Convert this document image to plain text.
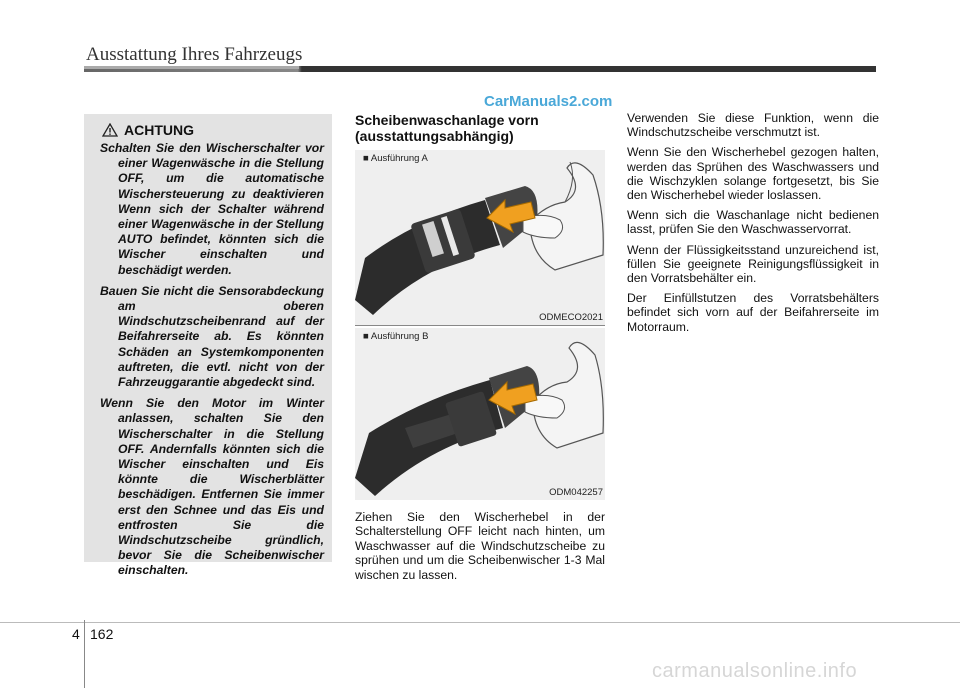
Ausstattung Ihres Fahrzeugs
CarManuals2.com
ACHTUNG

Schalten Sie den Wischerschalter vor einer Wagenwäsche in die Stellung OFF, um die automatische Wischersteuerung zu deaktivieren Wenn sich der Schalter während einer Wagenwäsche in der Stellung AUTO befindet, könnten sich die Wischer einschalten und beschädigt werden.

Bauen Sie nicht die Sensorabdeckung am oberen Windschutzscheibenrand auf der Beifahrerseite ab. Es könnten Schäden an Systemkomponenten auftreten, die evtl. nicht von der Fahrzeuggarantie abgedeckt sind.

Wenn Sie den Motor im Winter anlassen, schalten Sie den Wischerschalter in die Stellung OFF. Andernfalls könnten sich die Wischer einschalten und Eis könnte die Wischerblätter beschädigen. Entfernen Sie immer erst den Schnee und das Eis und entfrosten Sie die Windschutzscheibe gründlich, bevor Sie die Scheibenwischer einschalten.

Scheibenwaschanlage vorn (ausstattungsabhängig)
■ Ausführung A
ODMECO2021
■ Ausführung B
ODM042257

Ziehen Sie den Wischerhebel in der Schalterstellung OFF leicht nach hinten, um Waschwasser auf die Windschutzscheibe zu sprühen und um die Scheibenwischer 1-3 Mal wischen zu lassen.

Verwenden Sie diese Funktion, wenn die Windschutzscheibe verschmutzt ist.

Wenn Sie den Wischerhebel gezogen halten, werden das Sprühen des Waschwassers und die Wischzyklen solange fortgesetzt, bis Sie den Wischerhebel wieder loslassen.

Wenn sich die Waschanlage nicht bedienen lasst, prüfen Sie den Waschwasservorrat.

Wenn der Flüssigkeitsstand unzureichend ist, füllen Sie geeignete Reinigungsflüssigkeit in den Vorratsbehälter ein.

Der Einfüllstutzen des Vorratsbehälters befindet sich vorn auf der Beifahrerseite im Motorraum.

4 162
carmanualsonline.info
